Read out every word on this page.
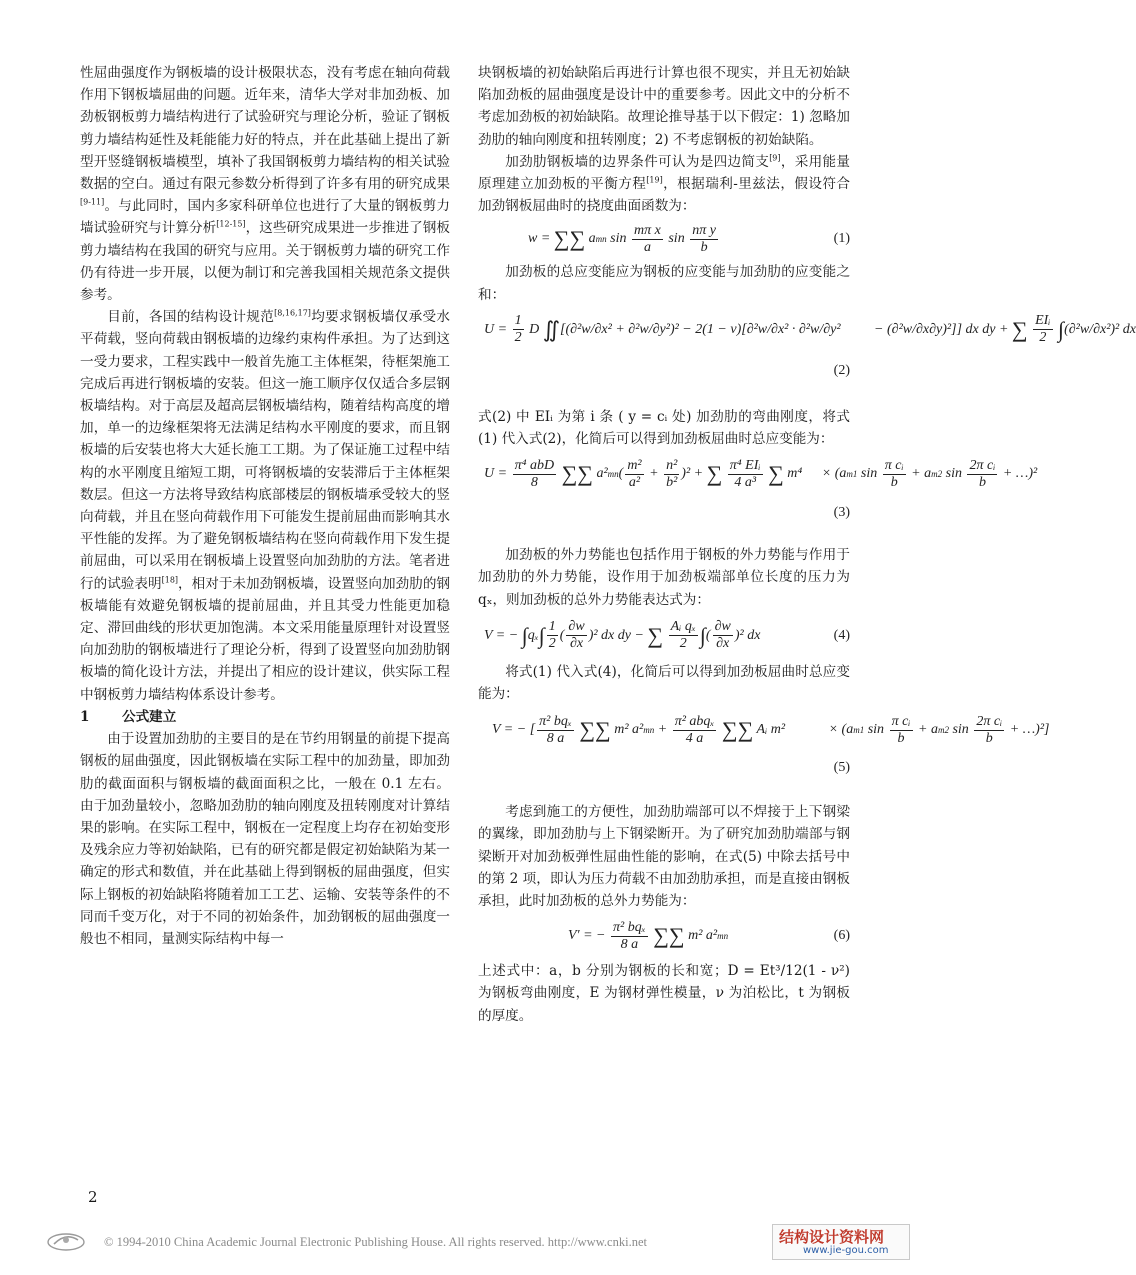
性屈曲强度作为钢板墙的设计极限状态，没有考虑在轴向荷载作用下钢板墙屈曲的问题。近年来，清华大学对非加劲板、加劲板钢板剪力墙结构进行了试验研究与理论分析，验证了钢板剪力墙结构延性及耗能能力好的特点，并在此基础上提出了新型开竖缝钢板墙模型，填补了我国钢板剪力墙结构的相关试验数据的空白。通过有限元参数分析得到了许多有用的研究成果[9-11]。与此同时，国内多家科研单位也进行了大量的钢板剪力墙试验研究与计算分析[12-15]，这些研究成果进一步推进了钢板剪力墙结构在我国的研究与应用。关于钢板剪力墙的研究工作仍有待进一步开展，以便为制订和完善我国相关规范条文提供参考。

目前，各国的结构设计规范[8,16,17]均要求钢板墙仅承受水平荷载，竖向荷载由钢板墙的边缘约束构件承担。为了达到这一受力要求，工程实践中一般首先施工主体框架，待框架施工完成后再进行钢板墙的安装。但这一施工顺序仅仅适合多层钢板墙结构。对于高层及超高层钢板墙结构，随着结构高度的增加，单一的边缘框架将无法满足结构水平刚度的要求，而且钢板墙的后安装也将大大延长施工工期。为了保证施工过程中结构的水平刚度且缩短工期，可将钢板墙的安装滞后于主体框架数层。但这一方法将导致结构底部楼层的钢板墙承受较大的竖向荷载，并且在竖向荷载作用下可能发生提前屈曲而影响其水平性能的发挥。为了避免钢板墙结构在竖向荷载作用下发生提前屈曲，可以采用在钢板墙上设置竖向加劲肋的方法。笔者进行的试验表明[18]，相对于未加劲钢板墙，设置竖向加劲肋的钢板墙能有效避免钢板墙的提前屈曲，并且其受力性能更加稳定、滞回曲线的形状更加饱满。本文采用能量原理针对设置竖向加劲肋的钢板墙进行了理论分析，得到了设置竖向加劲肋钢板墙的简化设计方法，并提出了相应的设计建议，供实际工程中钢板剪力墙结构体系设计参考。

1 公式建立

由于设置加劲肋的主要目的是在节约用钢量的前提下提高钢板的屈曲强度，因此钢板墙在实际工程中的加劲量，即加劲肋的截面面积与钢板墙的截面面积之比，一般在 0.1 左右。由于加劲量较小，忽略加劲肋的轴向刚度及扭转刚度对计算结果的影响。在实际工程中，钢板在一定程度上均存在初始变形及残余应力等初始缺陷，已有的研究都是假定初始缺陷为某一确定的形式和数值，并在此基础上得到钢板的屈曲强度，但实际上钢板的初始缺陷将随着加工工艺、运输、安装等条件的不同而千变万化，对于不同的初始条件，加劲钢板的屈曲强度一般也不相同，量测实际结构中每一

块钢板墙的初始缺陷后再进行计算也很不现实，并且无初始缺陷加劲板的屈曲强度是设计中的重要参考。因此文中的分析不考虑加劲板的初始缺陷。故理论推导基于以下假定：1) 忽略加劲肋的轴向刚度和扭转刚度；2) 不考虑钢板的初始缺陷。

加劲肋钢板墙的边界条件可认为是四边简支[9]，采用能量原理建立加劲板的平衡方程[19]，根据瑞利-里兹法，假设符合加劲钢板屈曲时的挠度曲面函数为：

w = ∑∑ amn $\sin \frac{\text{mπ x}}{a}$ $\sin \frac{\text{nπ y}}{b}$	(1)

加劲板的总应变能应为钢板的应变能与加劲肋的应变能之和：

$U = \frac{1}{2}$ D ∬[(∂²w/∂x² + ∂²w/∂y²)² − 2(1 − ν)[∂²w/∂x² · ∂²w/∂y² − (∂²w/∂x∂y)²]] dx dy + ∑ $\frac{\text{EIᵢ}}{2} \int(\partial^2w/\partial x^2)^2$ dx
(2)

式(2) 中 EIᵢ 为第 i 条 ( y = cᵢ 处) 加劲肋的弯曲刚度，将式(1) 代入式(2)，化简后可以得到加劲板屈曲时总应变能为：

$U = \frac{\text{π⁴ abD}}{8}$ ∑∑ $a^2mn( \frac{\text{m²}}{\text{a²}} + \frac{\text{n²}}{\text{b²}} )^2$ + ∑ $\frac{\text{π⁴ EIᵢ}}{\text{4 a³}}$ ∑ m⁴ × (am1 $\sin \frac{\text{π cᵢ}}{b} + am2$ $\sin \frac{\text{2π cᵢ}}{b}$ + …)²
(3)

加劲板的外力势能也包括作用于钢板的外力势能与作用于加劲肋的外力势能，设作用于加劲板端部单位长度的压力为 qₓ，则加劲板的总外力势能表达式为：

V = − $\int q_x\int \frac{1}{2}$ ( $\frac{\partial w}{\partial x} )^2$ dx dy − ∑ $\frac{\text{Aᵢ qₓ}}{2}$ ∫( $\frac{\partial w}{\partial x} )^2$ dx	(4)

将式(1) 代入式(4)，化简后可以得到加劲板屈曲时总应变能为：

V = − [ $\frac{\text{π² bqₓ}}{8 a}$ ∑∑ m² $a^2mn + \frac{\text{π² abqₓ}}{4 a}$ ∑∑ Aᵢ m²	× (am1 $\sin \frac{\text{π cᵢ}}{b} + am2$ $\sin \frac{\text{2π cᵢ}}{b}$ + …)²]
(5)

考虑到施工的方便性，加劲肋端部可以不焊接于上下钢梁的翼缘，即加劲肋与上下钢梁断开。为了研究加劲肋端部与钢梁断开对加劲板弹性屈曲性能的影响，在式(5) 中除去括号中的第 2 项，即认为压力荷载不由加劲肋承担，而是直接由钢板承担，此时加劲板的总外力势能为：

V′ = − $\frac{\text{π² bqₓ}}{8 a}$ ∑∑ m² a²mn	(6)

上述式中：a，b 分别为钢板的长和宽；D = Et³/12(1 - ν²) 为钢板弯曲刚度，E 为钢材弹性模量，ν 为泊松比，t 为钢板的厚度。

2
© 1994-2010 China Academic Journal Electronic Publishing House. All rights reserved. http://www.cnki.net	结构设计资料网
www.jie-gou.com
